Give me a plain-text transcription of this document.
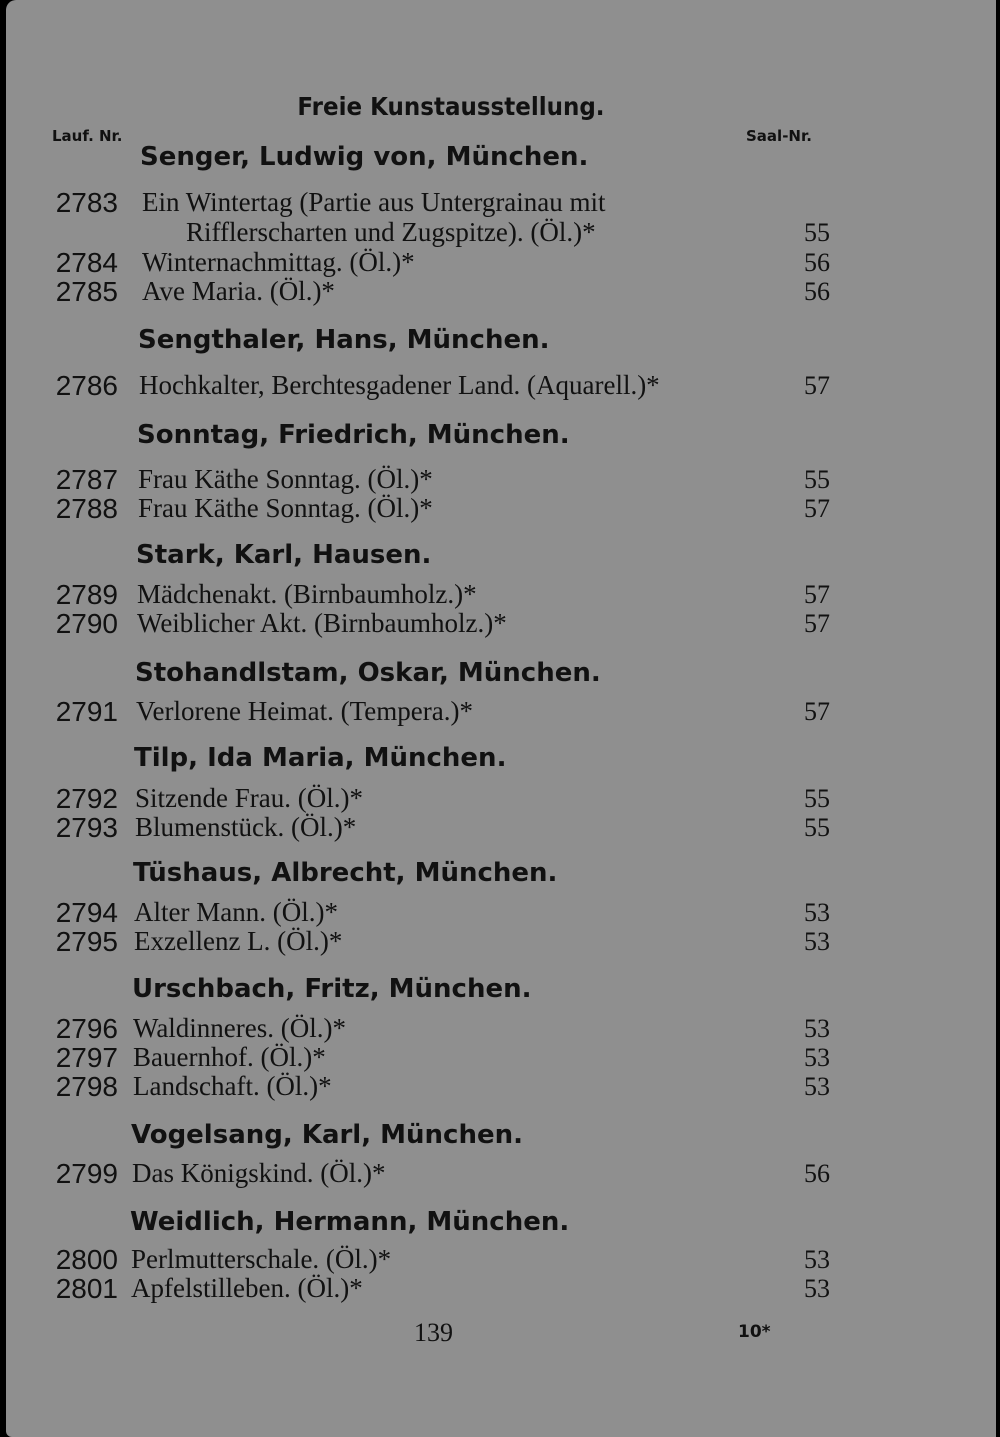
Freie Kunstausstellung.
Lauf. Nr.	Saal-Nr.
Senger, Ludwig von, München.
2783 Ein Wintertag (Partie aus Untergrainau mit
Rifflerscharten und Zugspitze). (Öl.)*	55
2784 Winternachmittag. (Öl.)*	56
2785 Ave Maria. (Öl.)*	56
Sengthaler, Hans, München.
2786 Hochkalter, Berchtesgadener Land. (Aquarell.)*	57
Sonntag, Friedrich, München.
2787 Frau Käthe Sonntag. (Öl.)*	55
2788 Frau Käthe Sonntag. (Öl.)*	57
Stark, Karl, Hausen.
2789 Mädchenakt. (Birnbaumholz.)*	57
2790 Weiblicher Akt. (Birnbaumholz.)*	57
Stohandlstam, Oskar, München.
2791 Verlorene Heimat. (Tempera.)*	57
Tilp, Ida Maria, München.
2792 Sitzende Frau. (Öl.)*	55
2793 Blumenstück. (Öl.)*	55
Tüshaus, Albrecht, München.
2794 Alter Mann. (Öl.)*	53
2795 Exzellenz L. (Öl.)*	53
Urschbach, Fritz, München.
2796 Waldinneres. (Öl.)*	53
2797 Bauernhof. (Öl.)*	53
2798 Landschaft. (Öl.)*	53
Vogelsang, Karl, München.
2799 Das Königskind. (Öl.)*	56
Weidlich, Hermann, München.
2800 Perlmutterschale. (Öl.)*	53
2801 Apfelstilleben. (Öl.)*	53
139	10*
